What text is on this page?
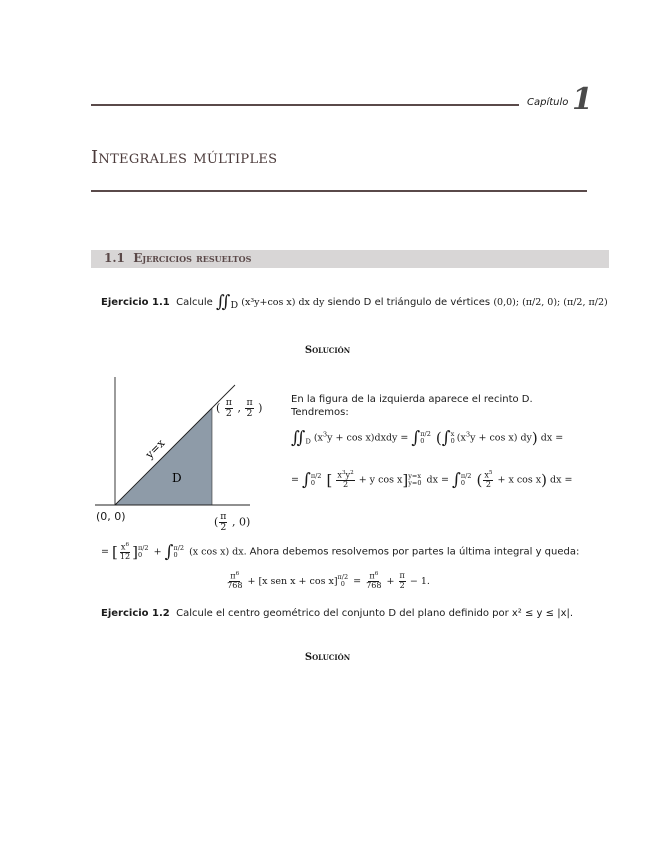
Capítulo 1
Integrales múltiples
1.1 Ejercicios resueltos
Ejercicio 1.1 Calcule $∬_D$ (x³y+cos x) dx dy siendo D el triángulo de vértices (0,0); (π/2, 0); (π/2, π/2)
Solución
y=x
D
(0, 0)	( $\frac{\pi}{2}$ , 0)
( $\frac{\pi}{2}$ , $\frac{\pi}{2}$ )
En la figura de la izquierda aparece el recinto D. Tendremos:
$∬_D$ ($x^3y + \cos$ x)dxdy = ∫ π/2
0 (∫ x
0 $(x^3y + \cos x)$ dy) dx =
= ∫ π/2
0 [ $\frac{x^3y^2}{2} + y$ cos x] y=x
y=0 dx = ∫ π/2
0 ( $\frac{x^5}{2} + x$ cos x) dx =
= [ $\frac{x^6}{12}$ ] π/2
0 + ∫ π/2
0 (x cos x) dx. Ahora debemos resolvemos por partes la última integral y queda:
$\frac{\pi^6}{768} + [x$ sen x + cos x] π/2
$0 = \frac{\pi^6}{768} + \frac{\pi}{2} - 1$.
Ejercicio 1.2 Calcule el centro geométrico del conjunto D del plano definido por x² ≤ y ≤ |x|.
Solución
